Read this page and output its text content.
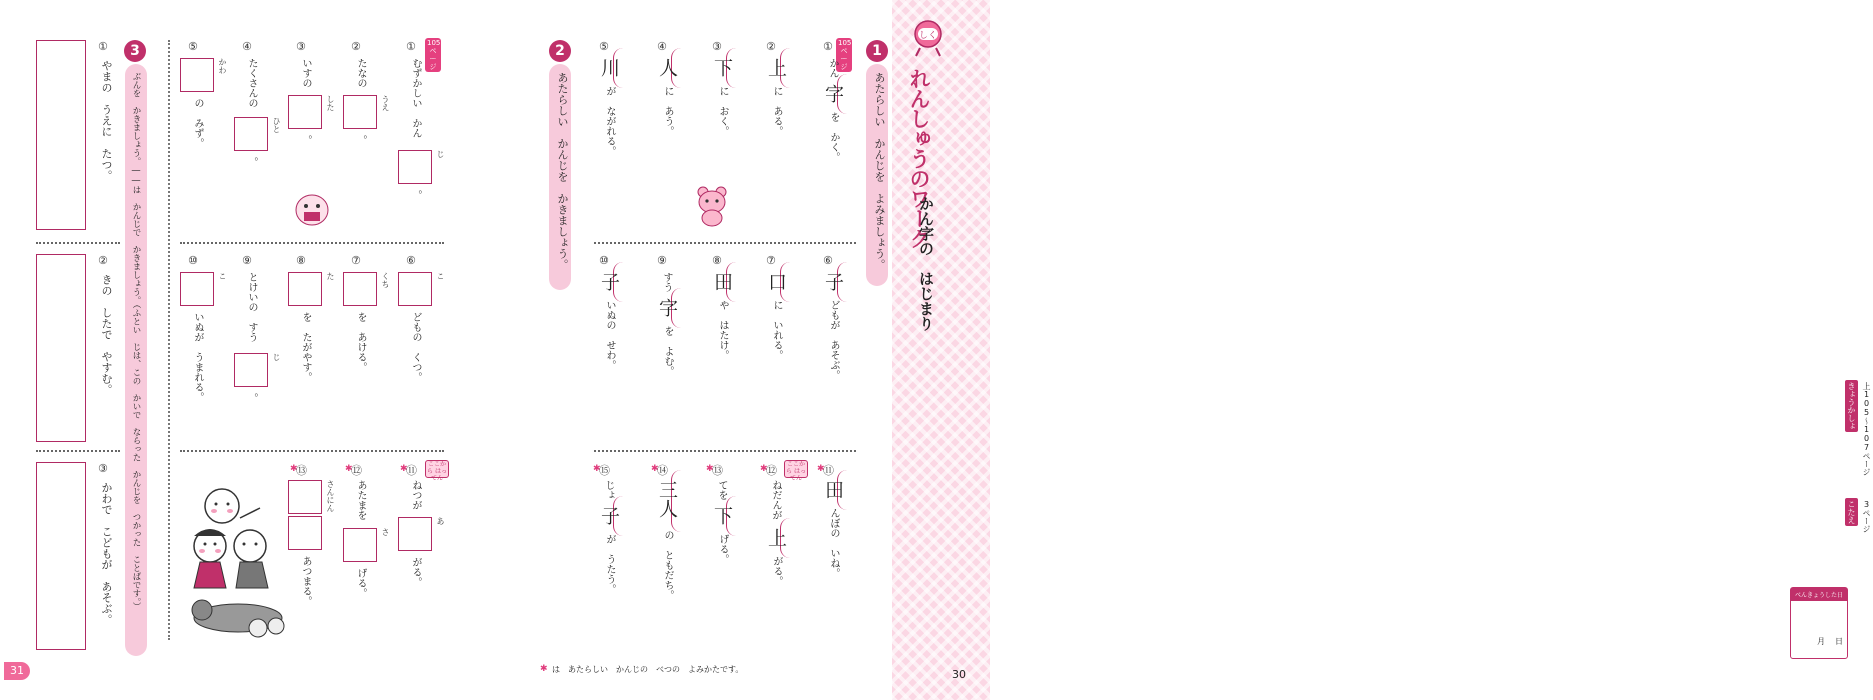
しく
れんしゅうのワーク
かん字の　はじまり
きょうかしょ 上105〜107ページ
こたえ 3ページ
べんきょうした日
月 日
30
1
あたらしい　かんじを　よみましょう。
105ページ
①
かん
字
を　かく。
②
上
に　ある。
③
下
に　おく。
④
人
に　あう。
⑤
川
が　ながれる。
⑥
子
どもが　あそぶ。
⑦
口
に　いれる。
⑧
田
や　はたけ。
⑨
すう
字
を　よむ。
⑩
子
いぬの　せわ。
✱
⑪
田
んぼの　いね。
✱
⑫
ねだんが
上
がる。
✱
⑬
てを
下
げる。
✱
⑭
三人
の　ともだち。
✱
⑮
じょ
子
が　うたう。
ここから はってん
2
あたらしい　かんじを　かきましょう。
105ページ
①
むずかしい　かん
じ
。
②
たなの
うえ
。
③
いすの
した
。
④
たくさんの
ひと
。
⑤
かわ
の　みず。
⑥
こ
どもの　くつ。
⑦
くち
を　あける。
⑧
た
を　たがやす。
⑨
とけいの　すう
じ
。
⑩
こ
いぬが　うまれる。
✱
⑪
ねつが
あ
がる。
✱
⑫
あたまを
さ
げる。
✱
⑬
さんにん
あつまる。
ここから はってん
3
ぶんを　かきましょう。――は　かんじで　かきましょう。（ふとい　じは、この　かいで　ならった　かんじを　つかった　ことばです。）
①
やまの　うえに　たつ。
②
きの　したで　やすむ。
③
かわで　こどもが　あそぶ。
✱ は　あたらしい　かんじの　べつの　よみかたです。
31
